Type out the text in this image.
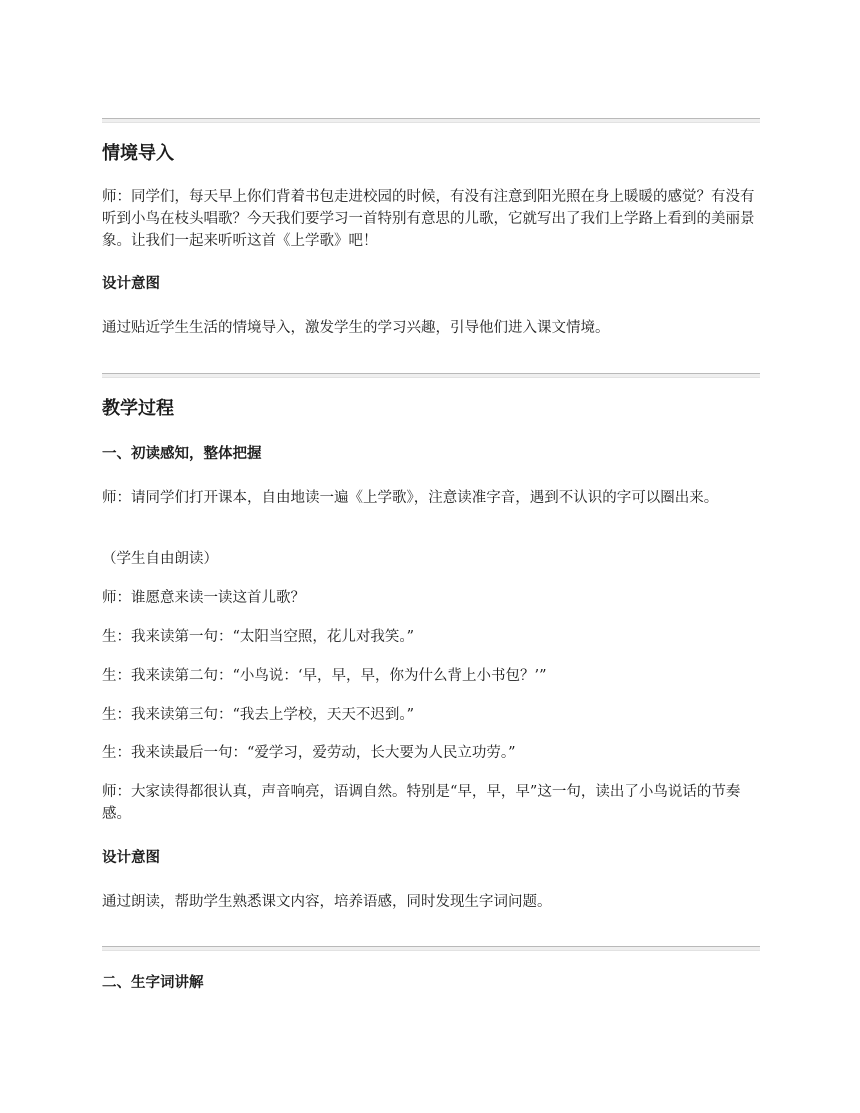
情境导入

师：同学们，每天早上你们背着书包走进校园的时候，有没有注意到阳光照在身上暖暖的感觉？有没有听到小鸟在枝头唱歌？今天我们要学习一首特别有意思的儿歌，它就写出了我们上学路上看到的美丽景象。让我们一起来听听这首《上学歌》吧！

设计意图

通过贴近学生生活的情境导入，激发学生的学习兴趣，引导他们进入课文情境。

教学过程
一、初读感知，整体把握

师：请同学们打开课本，自由地读一遍《上学歌》，注意读准字音，遇到不认识的字可以圈出来。

（学生自由朗读）

师：谁愿意来读一读这首儿歌？

生：我来读第一句：“太阳当空照，花儿对我笑。”

生：我来读第二句：“小鸟说：‘早，早，早，你为什么背上小书包？’”

生：我来读第三句：“我去上学校，天天不迟到。”

生：我来读最后一句：“爱学习，爱劳动，长大要为人民立功劳。”

师：大家读得都很认真，声音响亮，语调自然。特别是“早，早，早”这一句，读出了小鸟说话的节奏感。

设计意图

通过朗读，帮助学生熟悉课文内容，培养语感，同时发现生字词问题。

二、生字词讲解
